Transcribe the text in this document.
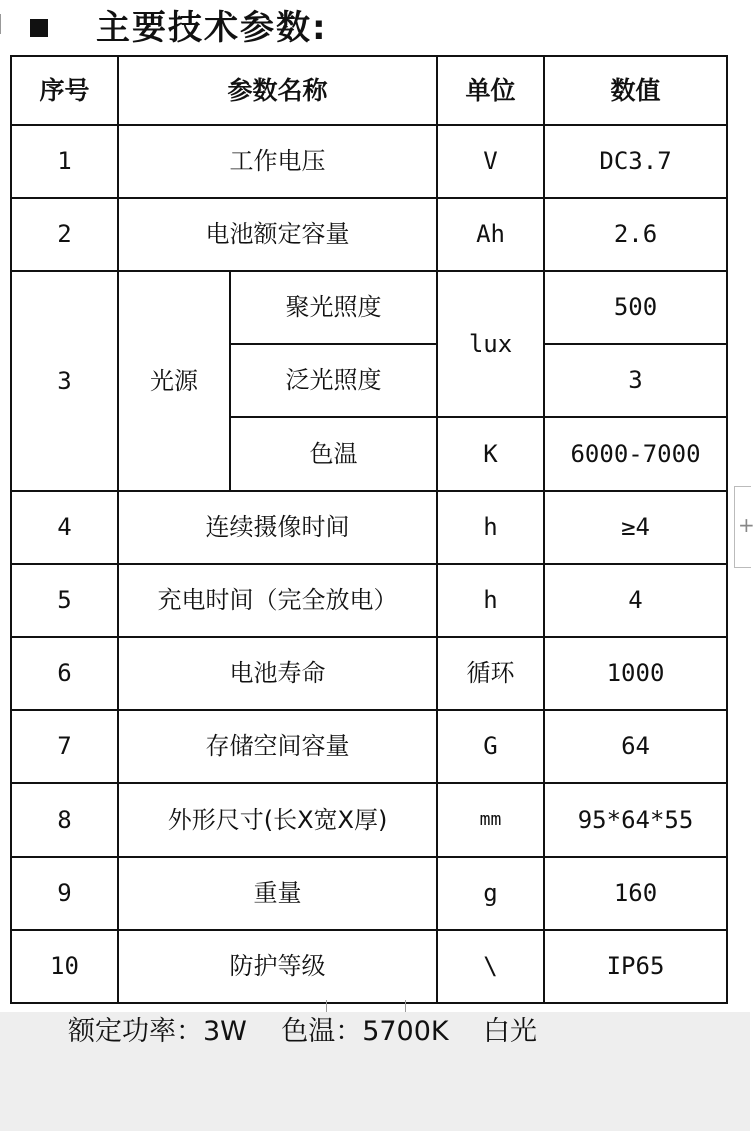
主要技术参数:
序号	参数名称		单位	数值
1	工作电压		V	DC3.7
2	电池额定容量		Ah	2.6
3	光源	聚光照度	lux	500
		泛光照度		3
		色温	K	6000-7000
4	连续摄像时间		h	≥4
5	充电时间（完全放电）		h	4
6	电池寿命		循环	1000
7	存储空间容量		G	64
8	外形尺寸(长X宽X厚)		mm	95*64*55
9	重量		g	160
10	防护等级		\	IP65
+
额定功率：3W    色温：5700K    白光
